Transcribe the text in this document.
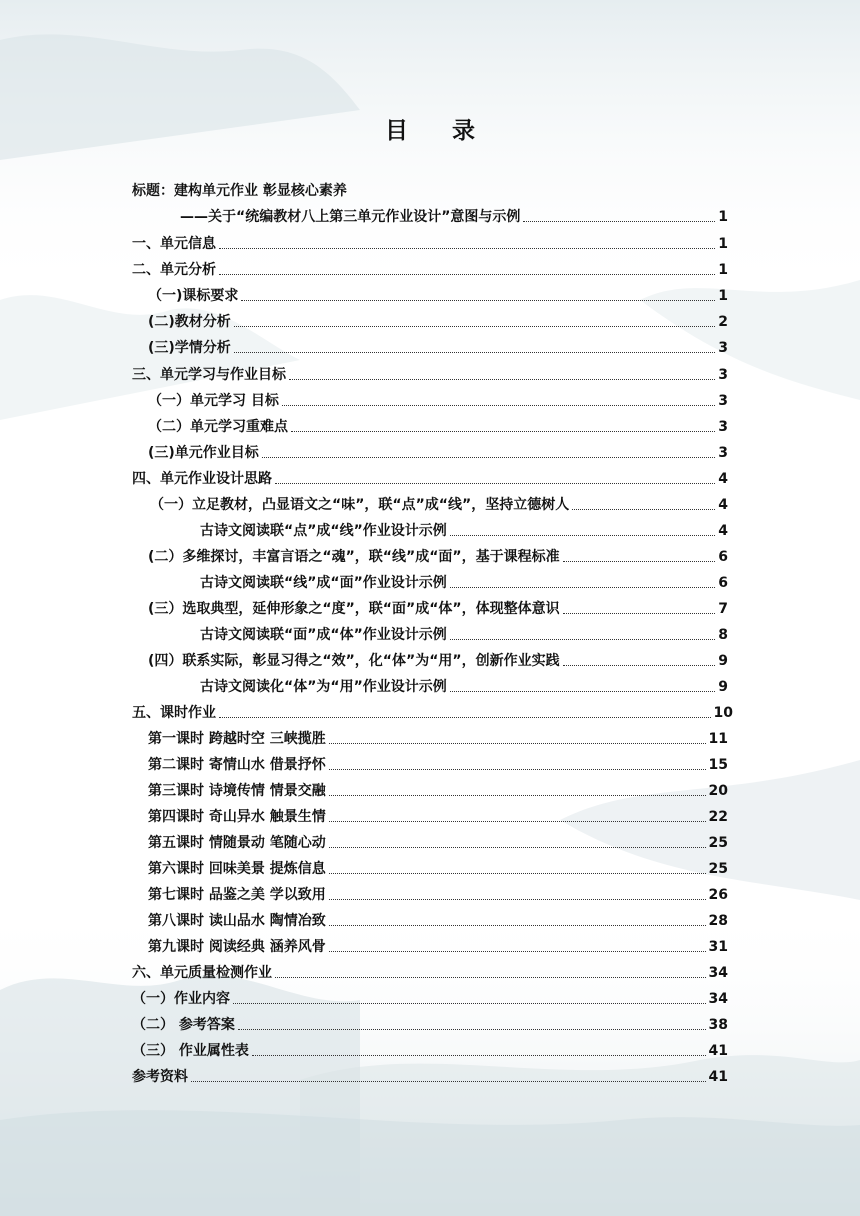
目 录
标题：建构单元作业 彰显核心素养
——关于“统编教材八上第三单元作业设计”意图与示例	1
一、单元信息	1
二、单元分析	1
（一)课标要求	1
(二)教材分析	2
(三)学情分析	3
三、单元学习与作业目标	3
（一）单元学习 目标	3
（二）单元学习重难点	3
(三)单元作业目标	3
四、单元作业设计思路	4
（一）立足教材，凸显语文之“味”，联“点”成“线”，坚持立德树人	4
古诗文阅读联“点”成“线”作业设计示例	4
(二）多维探讨，丰富言语之“魂”，联“线”成“面”，基于课程标准	6
古诗文阅读联“线”成“面”作业设计示例	6
(三）选取典型，延伸形象之“度”，联“面”成“体”，体现整体意识	7
古诗文阅读联“面”成“体”作业设计示例	8
(四）联系实际，彰显习得之“效”，化“体”为“用”，创新作业实践	9
古诗文阅读化“体”为“用”作业设计示例	9
五、课时作业	10
第一课时 跨越时空 三峡揽胜	11
第二课时 寄情山水 借景抒怀	15
第三课时 诗境传情 情景交融	20
第四课时 奇山异水 触景生情	22
第五课时 情随景动 笔随心动	25
第六课时 回味美景 提炼信息	25
第七课时 品鉴之美 学以致用	26
第八课时 读山品水 陶情冶致	28
第九课时 阅读经典 涵养风骨	31
六、单元质量检测作业	34
（一）作业内容	34
（二） 参考答案	38
（三） 作业属性表	41
参考资料	41
